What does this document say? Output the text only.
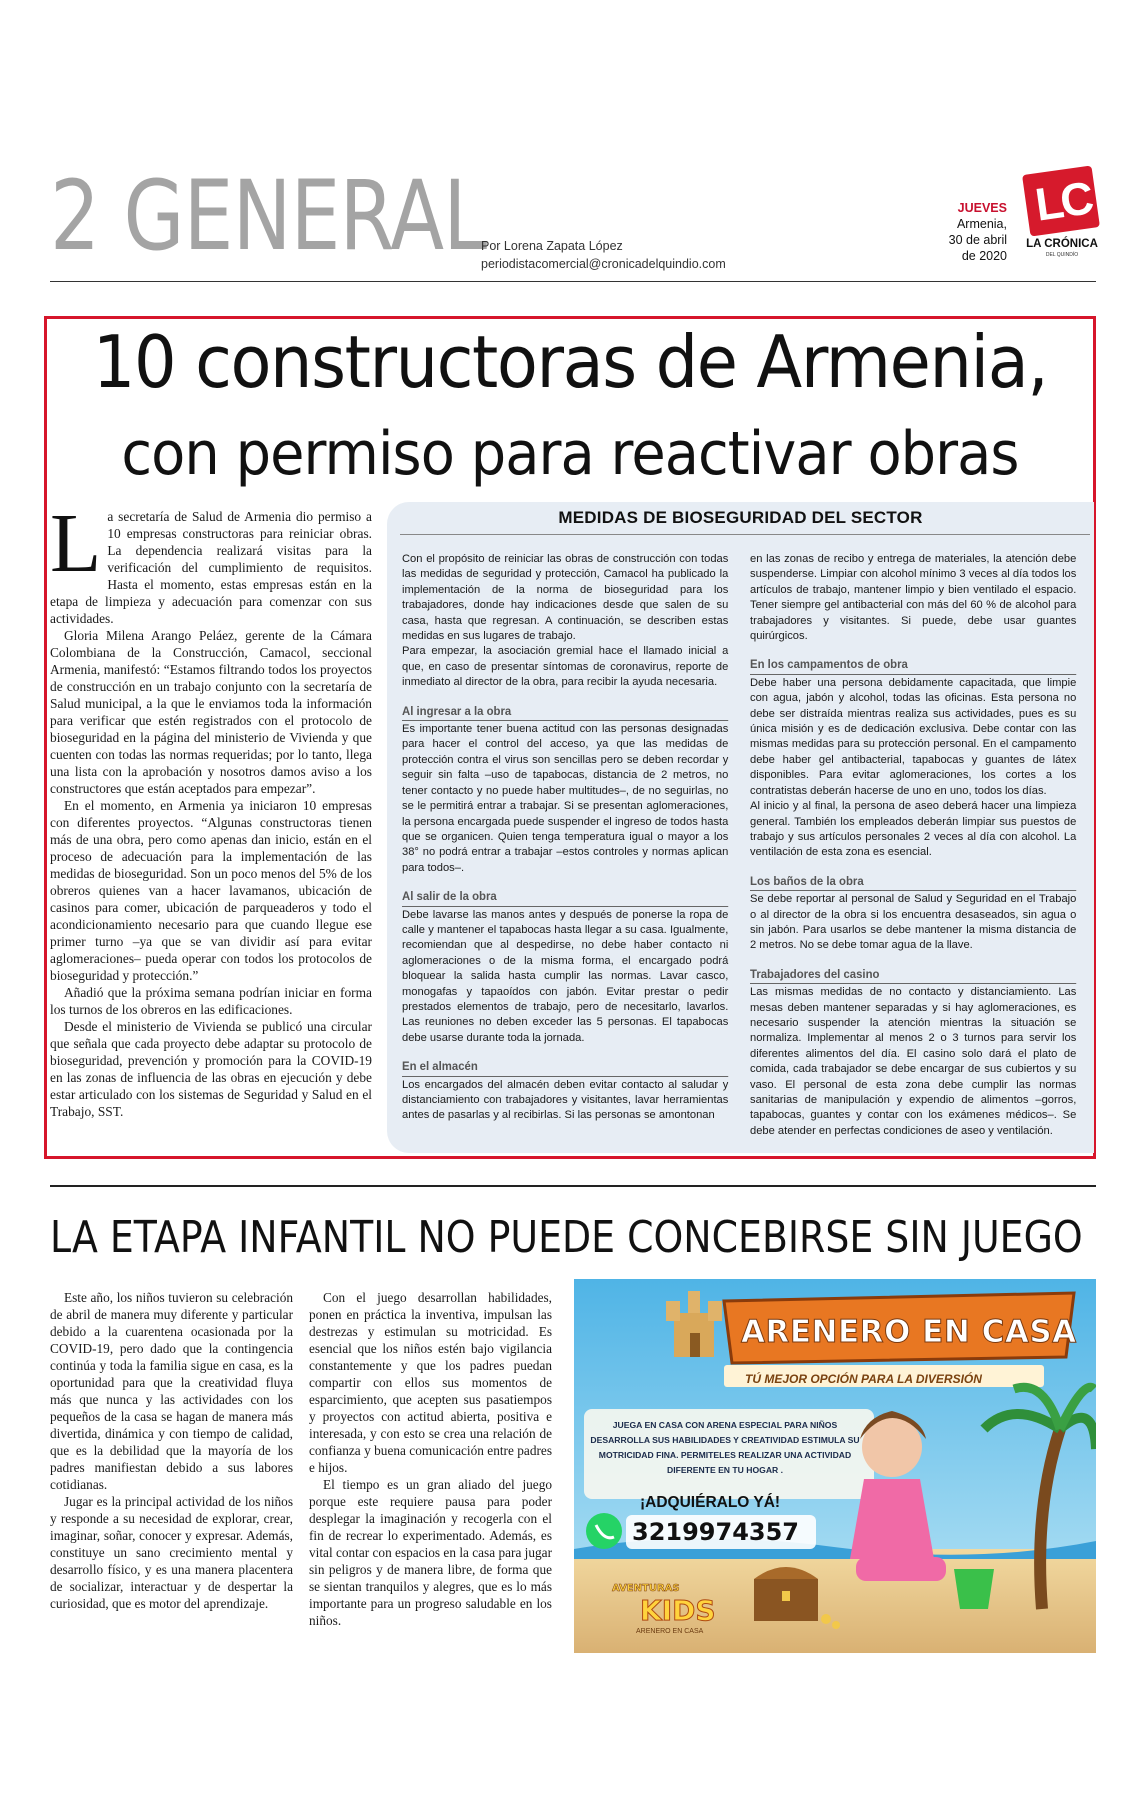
2 GENERAL
Por Lorena Zapata López
periodistacomercial@cronicadelquindio.com
JUEVES
Armenia,
30 de abril
de 2020
LC
LA CRÓNICA
DEL QUINDÍO
10 constructoras de Armenia,
con permiso para reactivar obras

La secretaría de Salud de Armenia dio permiso a 10 empresas constructoras para reiniciar obras. La dependencia realizará visitas para la verificación del cumplimiento de requisitos. Hasta el momento, estas empresas están en la etapa de limpieza y adecuación para comenzar con sus actividades.

Gloria Milena Arango Peláez, gerente de la Cámara Colombiana de la Construcción, Camacol, seccional Armenia, manifestó: “Estamos filtrando todos los proyectos de construcción en un trabajo conjunto con la secretaría de Salud municipal, a la que le enviamos toda la información para verificar que estén registrados con el protocolo de bioseguridad en la página del ministerio de Vivienda y que cuenten con todas las normas requeridas; por lo tanto, llega una lista con la aprobación y nosotros damos aviso a los constructores que están aceptados para empezar”.

En el momento, en Armenia ya iniciaron 10 empresas con diferentes proyectos. “Algunas constructoras tienen más de una obra, pero como apenas dan inicio, están en el proceso de adecuación para la implementación de las medidas de bioseguridad. Son un poco menos del 5% de los obreros quienes van a hacer lavamanos, ubicación de casinos para comer, ubicación de parqueaderos y todo el acondicionamiento necesario para que cuando llegue ese primer turno –ya que se van dividir así para evitar aglomeraciones– pueda operar con todos los protocolos de bioseguridad y protección.”

Añadió que la próxima semana podrían iniciar en forma los turnos de los obreros en las edificaciones.

Desde el ministerio de Vivienda se publicó una circular que señala que cada proyecto debe adaptar su protocolo de bioseguridad, prevención y promoción para la COVID-19 en las zonas de influencia de las obras en ejecución y debe estar articulado con los sistemas de Seguridad y Salud en el Trabajo, SST.

MEDIDAS DE BIOSEGURIDAD DEL SECTOR

Con el propósito de reiniciar las obras de construcción con todas las medidas de seguridad y protección, Camacol ha publicado la implementación de la norma de bioseguridad para los trabajadores, donde hay indicaciones desde que salen de su casa, hasta que regresan. A continuación, se describen estas medidas en sus lugares de trabajo.

Para empezar, la asociación gremial hace el llamado inicial a que, en caso de presentar síntomas de coronavirus, reporte de inmediato al director de la obra, para recibir la ayuda necesaria.

Al ingresar a la obra

Es importante tener buena actitud con las personas designadas para hacer el control del acceso, ya que las medidas de protección contra el virus son sencillas pero se deben recordar y seguir sin falta –uso de tapabocas, distancia de 2 metros, no tener contacto y no puede haber multitudes–, de no seguirlas, no se le permitirá entrar a trabajar. Si se presentan aglomeraciones, la persona encargada puede suspender el ingreso de todos hasta que se organicen. Quien tenga temperatura igual o mayor a los 38° no podrá entrar a trabajar –estos controles y normas aplican para todos–.

Al salir de la obra

Debe lavarse las manos antes y después de ponerse la ropa de calle y mantener el tapabocas hasta llegar a su casa. Igualmente, recomiendan que al despedirse, no debe haber contacto ni aglomeraciones o de la misma forma, el encargado podrá bloquear la salida hasta cumplir las normas. Lavar casco, monogafas y tapaoídos con jabón. Evitar prestar o pedir prestados elementos de trabajo, pero de necesitarlo, lavarlos. Las reuniones no deben exceder las 5 personas. El tapabocas debe usarse durante toda la jornada.

En el almacén

Los encargados del almacén deben evitar contacto al saludar y distanciamiento con trabajadores y visitantes, lavar herramientas antes de pasarlas y al recibirlas. Si las personas se amontonan

en las zonas de recibo y entrega de materiales, la atención debe suspenderse. Limpiar con alcohol mínimo 3 veces al día todos los artículos de trabajo, mantener limpio y bien ventilado el espacio. Tener siempre gel antibacterial con más del 60 % de alcohol para trabajadores y visitantes. Si puede, debe usar guantes quirúrgicos.

En los campamentos de obra

Debe haber una persona debidamente capacitada, que limpie con agua, jabón y alcohol, todas las oficinas. Esta persona no debe ser distraída mientras realiza sus actividades, pues es su única misión y es de dedicación exclusiva. Debe contar con las mismas medidas para su protección personal. En el campamento debe haber gel antibacterial, tapabocas y guantes de látex disponibles. Para evitar aglomeraciones, los cortes a los contratistas deberán hacerse de uno en uno, todos los días.

Al inicio y al final, la persona de aseo deberá hacer una limpieza general. También los empleados deberán limpiar sus puestos de trabajo y sus artículos personales 2 veces al día con alcohol. La ventilación de esta zona es esencial.

Los baños de la obra

Se debe reportar al personal de Salud y Seguridad en el Trabajo o al director de la obra si los encuentra desaseados, sin agua o sin jabón. Para usarlos se debe mantener la misma distancia de 2 metros. No se debe tomar agua de la llave.

Trabajadores del casino

Las mismas medidas de no contacto y distanciamiento. Las mesas deben mantener separadas y si hay aglomeraciones, es necesario suspender la atención mientras la situación se normaliza. Implementar al menos 2 o 3 turnos para servir los diferentes alimentos del día. El casino solo dará el plato de comida, cada trabajador se debe encargar de sus cubiertos y su vaso. El personal de esta zona debe cumplir las normas sanitarias de manipulación y expendio de alimentos –gorros, tapabocas, guantes y contar con los exámenes médicos–. Se debe atender en perfectas condiciones de aseo y ventilación.

LA ETAPA INFANTIL NO PUEDE CONCEBIRSE SIN JUEGO

Este año, los niños tuvieron su celebración de abril de manera muy diferente y particular debido a la cuarentena ocasionada por la COVID-19, pero dado que la contingencia continúa y toda la familia sigue en casa, es la oportunidad para que la creatividad fluya más que nunca y las actividades con los pequeños de la casa se hagan de manera más divertida, dinámica y con tiempo de calidad, que es la debilidad que la mayoría de los padres manifiestan debido a sus labores cotidianas.

Jugar es la principal actividad de los niños y responde a su necesidad de explorar, crear, imaginar, soñar, conocer y expresar. Además, constituye un sano crecimiento mental y desarrollo físico, y es una manera placentera de socializar, interactuar y de despertar la curiosidad, que es motor del aprendizaje.

Con el juego desarrollan habilidades, ponen en práctica la inventiva, impulsan las destrezas y estimulan su motricidad. Es esencial que los niños estén bajo vigilancia constantemente y que los padres puedan compartir con ellos sus momentos de esparcimiento, que acepten sus pasatiempos y proyectos con actitud abierta, positiva e interesada, y con esto se crea una relación de confianza y buena comunicación entre padres e hijos.

El tiempo es un gran aliado del juego porque este requiere pausa para poder desplegar la imaginación y recogerla con el fin de recrear lo experimentado. Además, es vital contar con espacios en la casa para jugar sin peligros y de manera libre, de forma que se sientan tranquilos y alegres, que es lo más importante para un progreso saludable en los niños.

ARENERO EN CASA
TÚ MEJOR OPCIÓN PARA LA DIVERSIÓN
JUEGA EN CASA CON ARENA ESPECIAL PARA NIÑOS DESARROLLA SUS HABILIDADES Y CREATIVIDAD ESTIMULA SU MOTRICIDAD FINA. PERMITELES REALIZAR UNA ACTIVIDAD DIFERENTE EN TU HOGAR .
¡ADQUIÉRALO YÁ!
3219974357
AVENTURAS
KIDS
ARENERO EN CASA
